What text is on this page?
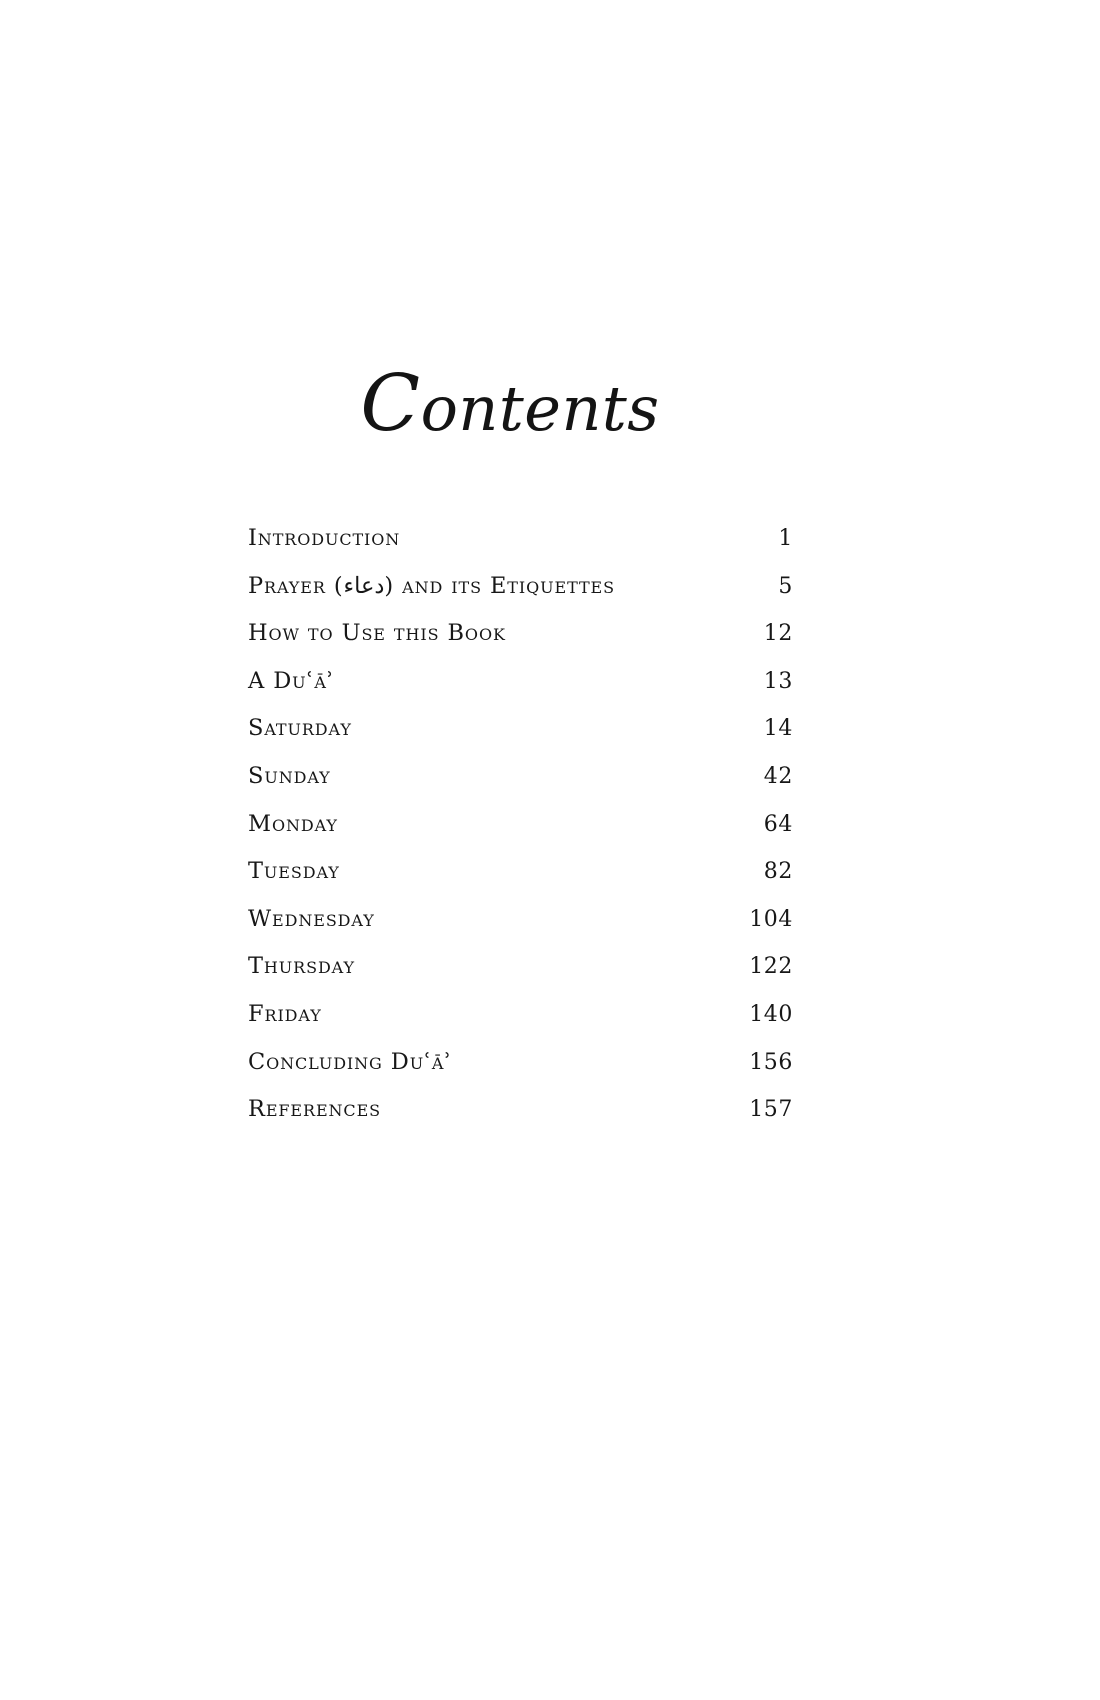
Contents
Introduction	1
Prayer (دعاء) and its Etiquettes	5
How to Use this Book	12
A Duʿāʾ	13
Saturday	14
Sunday	42
Monday	64
Tuesday	82
Wednesday	104
Thursday	122
Friday	140
Concluding Duʿāʾ	156
References	157
